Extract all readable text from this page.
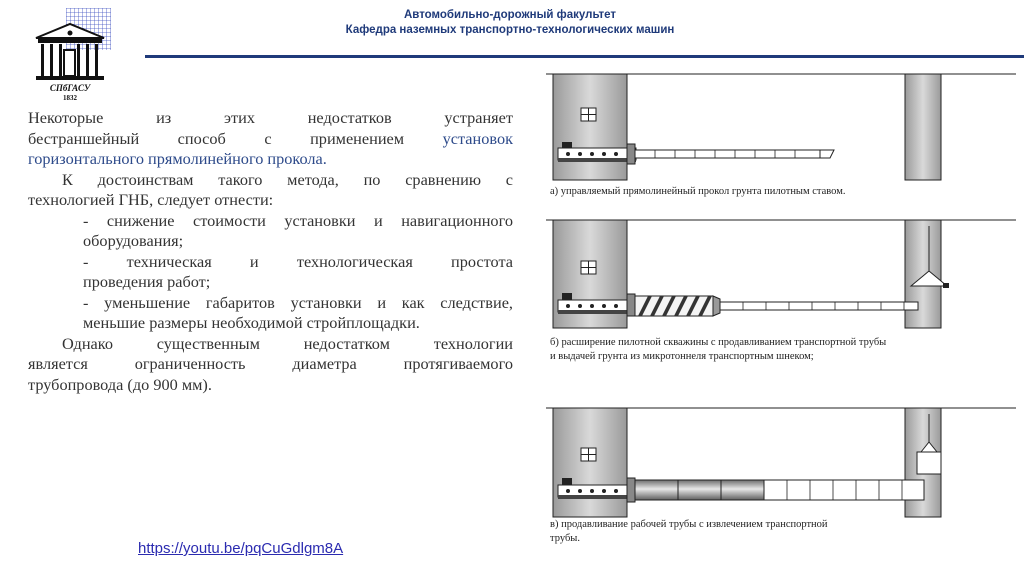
Автомобильно-дорожный факультет
Кафедра наземных транспортно-технологических машин
СПбГАСУ
1832

Некоторые	из	этих	недостатков	устраняет

бестраншейный способ с применением установок

горизонтального прямолинейного прокола.

К достоинствам такого метода, по сравнению с

технологией ГНБ, следует отнести:

- снижение стоимости установки и навигационного

оборудования;

- техническая и технологическая простота

проведения работ;

- уменьшение габаритов установки и как следствие,

меньшие размеры необходимой стройплощадки.

Однако существенным недостатком технологии

является ограниченность диаметра протягиваемого

трубопровода (до 900 мм).

https://youtu.be/pqCuGdlgm8A
а) управляемый прямолинейный прокол грунта пилотным ставом.
б) расширение пилотной скважины с продавливанием транспортной трубы
и выдачей грунта из микротоннеля транспортным шнеком;
в) продавливание рабочей трубы с извлечением транспортной
трубы.
